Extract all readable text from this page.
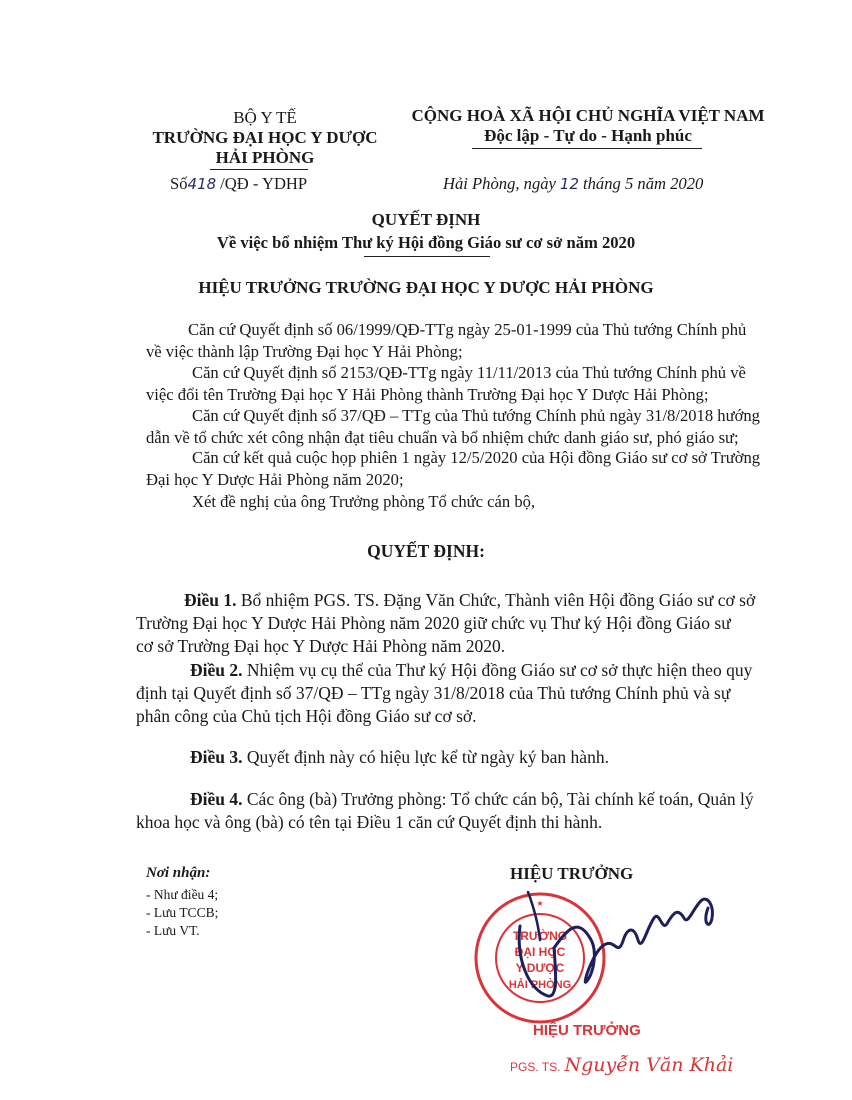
BỘ Y TẾ
TRƯỜNG ĐẠI HỌC Y DƯỢC
HẢI PHÒNG
Số418 /QĐ - YDHP
CỘNG HOÀ XÃ HỘI CHỦ NGHĨA VIỆT NAM
Độc lập - Tự do - Hạnh phúc
Hải Phòng, ngày 12 tháng 5 năm 2020
QUYẾT ĐỊNH
Về việc bổ nhiệm Thư ký Hội đồng Giáo sư cơ sở năm 2020
HIỆU TRƯỞNG TRƯỜNG ĐẠI HỌC Y DƯỢC HẢI PHÒNG
Căn cứ Quyết định số 06/1999/QĐ-TTg ngày 25-01-1999 của Thủ tướng Chính phủ
về việc thành lập Trường Đại học Y Hải Phòng;
Căn cứ Quyết định số 2153/QĐ-TTg ngày 11/11/2013 của Thủ tướng Chính phủ về
việc đổi tên Trường Đại học Y Hải Phòng thành Trường Đại học Y Dược Hải Phòng;
Căn cứ Quyết định số 37/QĐ – TTg của Thủ tướng Chính phủ ngày 31/8/2018 hướng
dẫn về tổ chức xét công nhận đạt tiêu chuẩn và bổ nhiệm chức danh giáo sư, phó giáo sư;
Căn cứ kết quả cuộc họp phiên 1 ngày 12/5/2020 của Hội đồng Giáo sư cơ sở Trường
Đại học Y Dược Hải Phòng năm 2020;
Xét đề nghị của ông Trưởng phòng Tổ chức cán bộ,
QUYẾT ĐỊNH:
Điều 1. Bổ nhiệm PGS. TS. Đặng Văn Chức, Thành viên Hội đồng Giáo sư cơ sở
Trường Đại học Y Dược Hải Phòng năm 2020 giữ chức vụ Thư ký Hội đồng Giáo sư
cơ sở Trường Đại học Y Dược Hải Phòng năm 2020.
Điều 2. Nhiệm vụ cụ thể của Thư ký Hội đồng Giáo sư cơ sở thực hiện theo quy
định tại Quyết định số 37/QĐ – TTg ngày 31/8/2018 của Thủ tướng Chính phủ và sự
phân công của Chủ tịch Hội đồng Giáo sư cơ sở.
Điều 3. Quyết định này có hiệu lực kể từ ngày ký ban hành.
Điều 4. Các ông (bà) Trưởng phòng: Tổ chức cán bộ, Tài chính kế toán, Quản lý
khoa học và ông (bà) có tên tại Điều 1 căn cứ Quyết định thi hành.
Nơi nhận:
- Như điều 4;
- Lưu TCCB;
- Lưu VT.
HIỆU TRƯỞNG
TRƯỜNG
ĐẠI HỌC
Y DƯỢC
HẢI PHÒNG
★
HIỆU TRƯỞNG
PGS. TS. Nguyễn Văn Khải
